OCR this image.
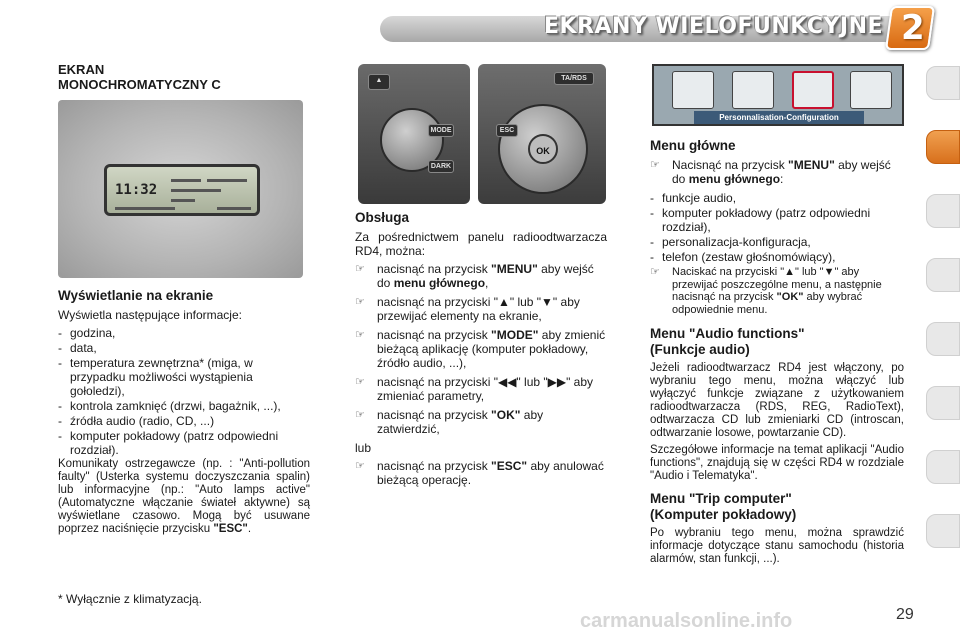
EKRANY WIELOFUNKCYJNE 2
EKRAN
MONOCHROMATYCZNY C
11:32
Wyświetlanie na ekranie

Wyświetla następujące informacje:

- godzina,
- data,
- temperatura zewnętrzna* (miga, w przypadku możliwości wystąpienia gołoledzi),
- kontrola zamknięć (drzwi, bagażnik, ...),
- źródła audio (radio, CD, ...)
- komputer pokładowy (patrz odpowiedni rozdział).

Komunikaty ostrzegawcze (np. : "Anti-pollution faulty" (Usterka systemu doczyszczania spalin) lub informacyjne (np.: "Auto lamps active" (Automatyczne włączanie świateł aktywne) są wyświetlane czasowo. Mogą być usuwane poprzez naciśnięcie przycisku "ESC".

* Wyłącznie z klimatyzacją.
MODE
DARK
▲	TA/RDS
ESC
OK
Obsługa

Za pośrednictwem panelu radioodtwarzacza RD4, można:

☞ nacisnąć na przycisk "MENU" aby wejść do menu głównego,
☞ nacisnąć na przyciski "▲" lub "▼" aby przewijać elementy na ekranie,
☞ nacisnąć na przycisk "MODE" aby zmienić bieżącą aplikację (komputer pokładowy, źródło audio, ...),
☞ nacisnąć na przyciski "◀◀" lub "▶▶" aby zmieniać parametry,
☞ nacisnąć na przycisk "OK" aby zatwierdzić,

lub

☞ nacisnąć na przycisk "ESC" aby anulować bieżącą operację.
Personnalisation-Configuration
Menu główne
☞ Nacisnąć na przycisk "MENU" aby wejść do menu głównego:
- funkcje audio,
- komputer pokładowy (patrz odpowiedni rozdział),
- personalizacja-konfiguracja,
- telefon (zestaw głośnomówiący),
☞ Naciskać na przyciski "▲" lub "▼" aby przewijać poszczególne menu, a następnie nacisnąć na przycisk "OK" aby wybrać odpowiednie menu.
Menu "Audio functions"
(Funkcje audio)

Jeżeli radioodtwarzacz RD4 jest włączony, po wybraniu tego menu, można włączyć lub wyłączyć funkcje związane z użytkowaniem radioodtwarzacza (RDS, REG, RadioText), odtwarzacza CD lub zmieniarki CD (introscan, odtwarzanie losowe, powtarzanie CD).

Szczegółowe informacje na temat aplikacji "Audio functions", znajdują się w części RD4 w rozdziale "Audio i Telematyka".

Menu "Trip computer"
(Komputer pokładowy)

Po wybraniu tego menu, można sprawdzić informacje dotyczące stanu samochodu (historia alarmów, stan funkcji, ...).

carmanualsonline.info	29
